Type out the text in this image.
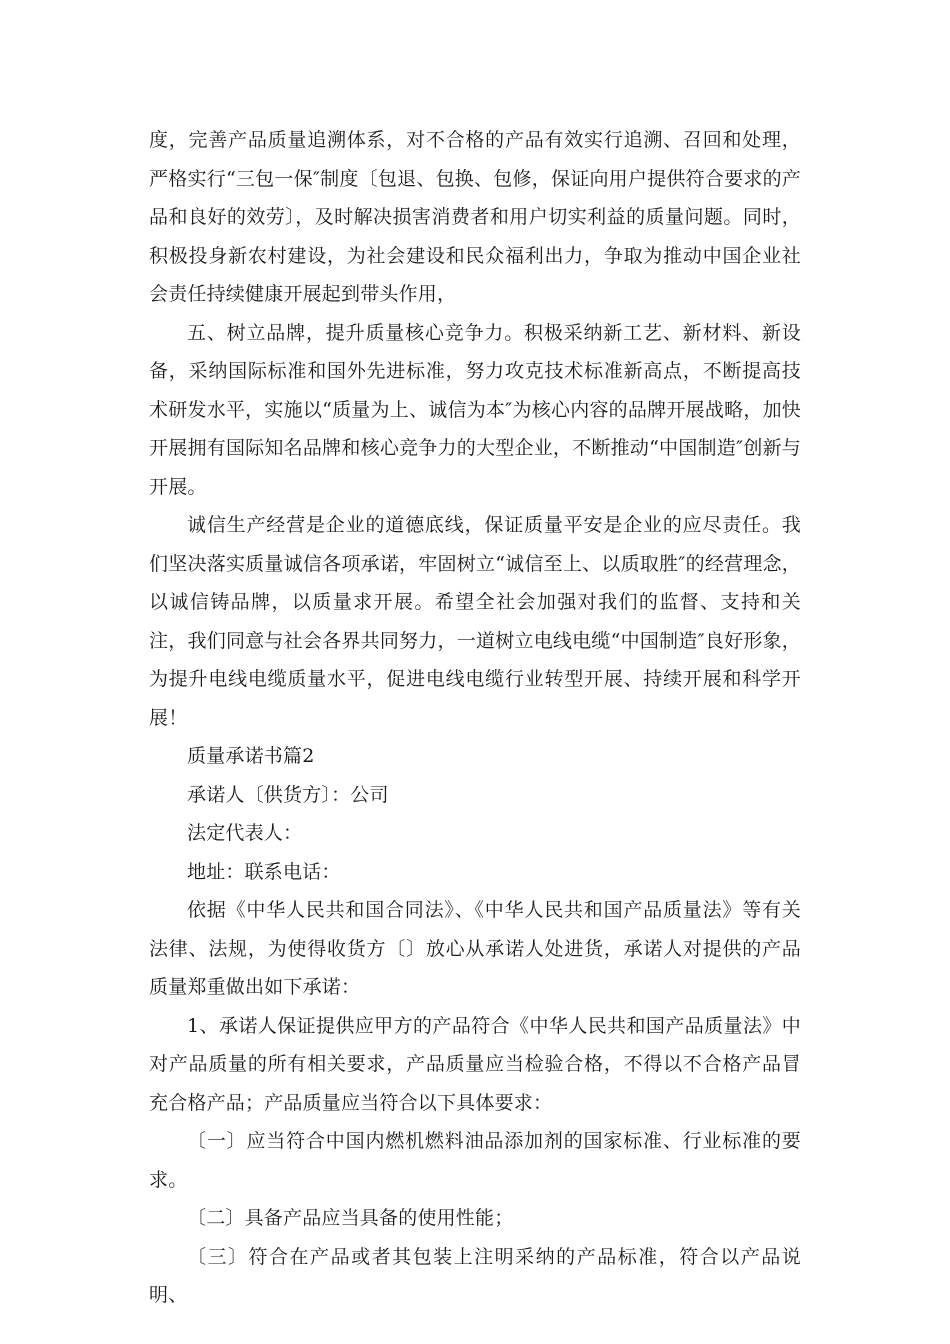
度，完善产品质量追溯体系，对不合格的产品有效实行追溯、召回和处理，严格实行“三包一保″制度〔包退、包换、包修，保证向用户提供符合要求的产品和良好的效劳〕，及时解决损害消费者和用户切实利益的质量问题。同时，积极投身新农村建设，为社会建设和民众福利出力，争取为推动中国企业社会责任持续健康开展起到带头作用，

五、树立品牌，提升质量核心竞争力。积极采纳新工艺、新材料、新设备，采纳国际标准和国外先进标准，努力攻克技术标准新高点，不断提高技术研发水平，实施以“质量为上、诚信为本″为核心内容的品牌开展战略，加快开展拥有国际知名品牌和核心竞争力的大型企业，不断推动“中国制造″创新与开展。

诚信生产经营是企业的道德底线，保证质量平安是企业的应尽责任。我们坚决落实质量诚信各项承诺，牢固树立“诚信至上、以质取胜″的经营理念，以诚信铸品牌，以质量求开展。希望全社会加强对我们的监督、支持和关注，我们同意与社会各界共同努力，一道树立电线电缆“中国制造″良好形象，为提升电线电缆质量水平，促进电线电缆行业转型开展、持续开展和科学开展！

质量承诺书篇2

承诺人〔供货方〕：公司

法定代表人：

地址：联系电话：

依据《中华人民共和国合同法》、《中华人民共和国产品质量法》等有关法律、法规，为使得收货方〔〕放心从承诺人处进货，承诺人对提供的产品质量郑重做出如下承诺：

1、承诺人保证提供应甲方的产品符合《中华人民共和国产品质量法》中对产品质量的所有相关要求，产品质量应当检验合格，不得以不合格产品冒充合格产品；产品质量应当符合以下具体要求：

〔一〕应当符合中国内燃机燃料油品添加剂的国家标准、行业标准的要求。

〔二〕具备产品应当具备的使用性能；

〔三〕符合在产品或者其包装上注明采纳的产品标准，符合以产品说明、
